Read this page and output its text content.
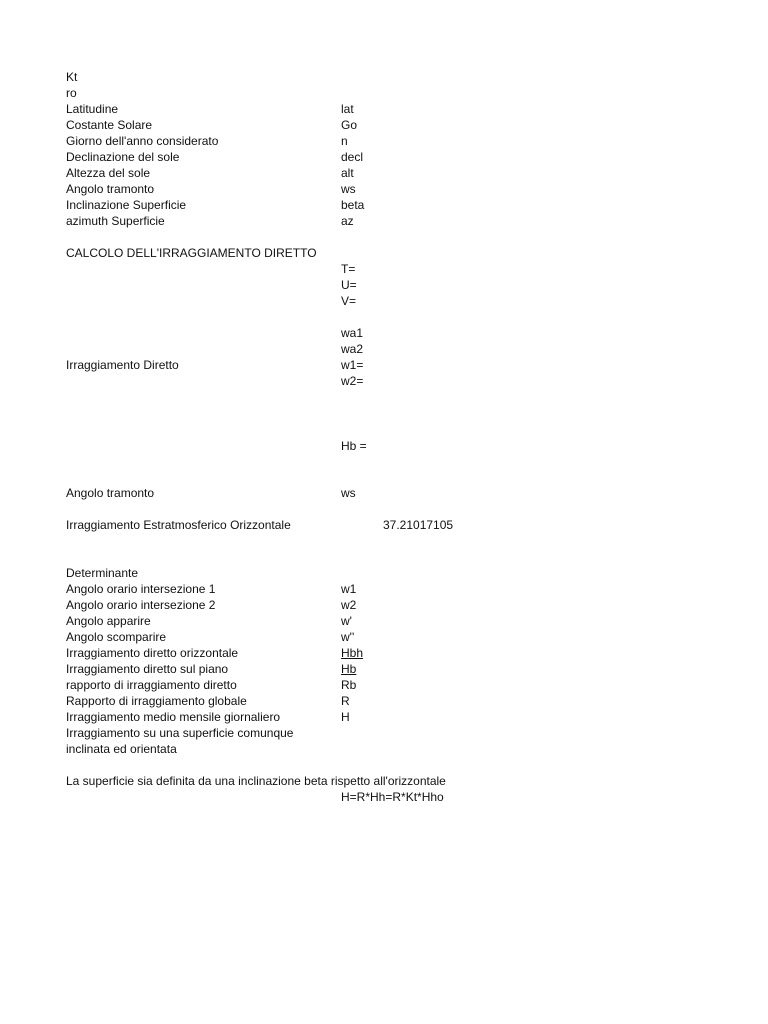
Kt
ro
Latitudine	lat
Costante Solare	Go
Giorno dell'anno considerato	n
Declinazione del sole	decl
Altezza del sole	alt
Angolo tramonto	ws
Inclinazione Superficie	beta
azimuth Superficie	az
CALCOLO DELL'IRRAGGIAMENTO DIRETTO
T=
U=
V=
wa1
wa2
Irraggiamento Diretto	w1=
w2=
Hb =
Angolo tramonto	ws
Irraggiamento Estratmosferico Orizzontale	37.21017105
Determinante
Angolo orario intersezione 1	w1
Angolo orario intersezione 2	w2
Angolo apparire	w'
Angolo scomparire	w''
Irraggiamento diretto orizzontale	Hbh
Irraggiamento diretto sul piano	Hb
rapporto di irraggiamento diretto	Rb
Rapporto di irraggiamento globale	R
Irraggiamento medio mensile giornaliero	H
Irraggiamento su una superficie comunque
inclinata ed orientata
La superficie sia definita da una inclinazione beta rispetto all'orizzontale
H=R*Hh=R*Kt*Hho
